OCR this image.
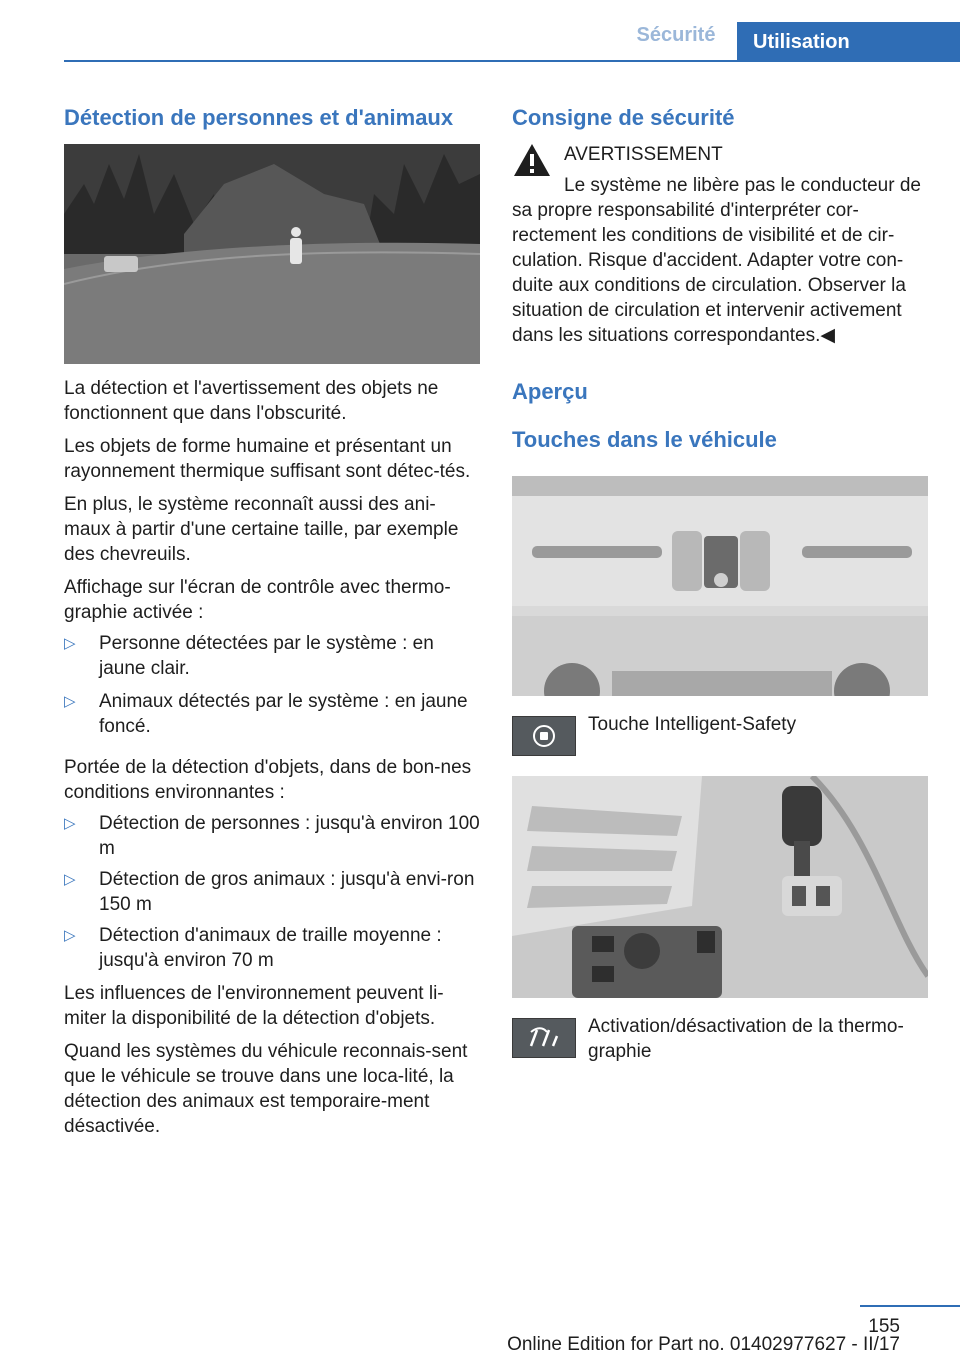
Sécurité	Utilisation
Détection de personnes et d'animaux

La détection et l'avertissement des objets ne fonctionnent que dans l'obscurité.

Les objets de forme humaine et présentant un rayonnement thermique suffisant sont détec‐tés.

En plus, le système reconnaît aussi des ani‐maux à partir d'une certaine taille, par exemple des chevreuils.

Affichage sur l'écran de contrôle avec thermo‐graphie activée :

▷ Personne détectées par le système : en jaune clair.
▷ Animaux détectés par le système : en jaune foncé.

Portée de la détection d'objets, dans de bon‐nes conditions environnantes :

▷ Détection de personnes : jusqu'à environ 100 m
▷ Détection de gros animaux : jusqu'à envi‐ron 150 m
▷ Détection d'animaux de traille moyenne : jusqu'à environ 70 m

Les influences de l'environnement peuvent li‐miter la disponibilité de la détection d'objets.

Quand les systèmes du véhicule reconnais‐sent que le véhicule se trouve dans une loca‐lité, la détection des animaux est temporaire‐ment désactivée.

Consigne de sécurité
AVERTISSEMENT

Le système ne libère pas le conducteur de sa propre responsabilité d'interpréter cor‐rectement les conditions de visibilité et de cir‐culation. Risque d'accident. Adapter votre con‐duite aux conditions de circulation. Observer la situation de circulation et intervenir activement dans les situations correspondantes.◀

Aperçu
Touches dans le véhicule
Touche Intelligent-Safety
Activation/désactivation de la thermo‐graphie
155
Online Edition for Part no. 01402977627 - II/17
